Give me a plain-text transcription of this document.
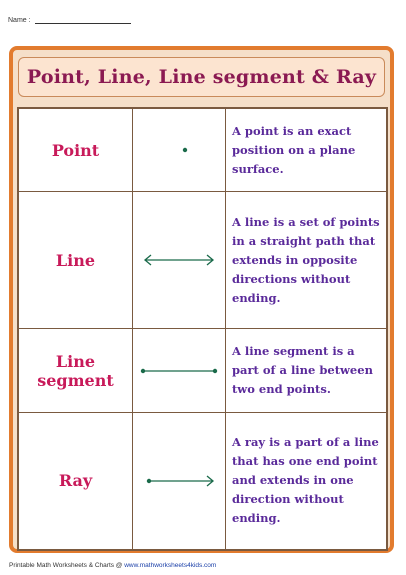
Name :
Point, Line, Line segment & Ray
Point		A point is an exact position on a plane surface.

Line		A line is a set of points in a straight path that extends in opposite directions without ending.

Line segment		A line segment is a part of a line between two end points.

Ray		A ray is a part of a line that has one end point and extends in one direction without ending.
Printable Math Worksheets & Charts @ www.mathworksheets4kids.com
